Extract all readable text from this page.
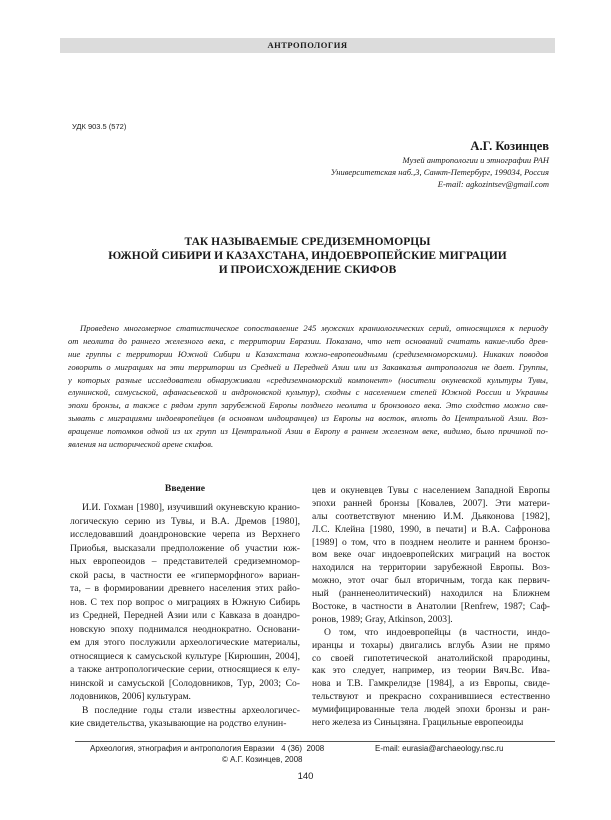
АНТРОПОЛОГИЯ
УДК 903.5 (572)
А.Г. Козинцев
Музей антропологии и этнографии РАН
Университетская наб.,3, Санкт-Петербург, 199034, Россия
E-mail: agkozintsev@gmail.com
ТАК НАЗЫВАЕМЫЕ СРЕДИЗЕМНОМОРЦЫ
ЮЖНОЙ СИБИРИ И КАЗАХСТАНА, ИНДОЕВРОПЕЙСКИЕ МИГРАЦИИ
И ПРОИСХОЖДЕНИЕ СКИФОВ
Проведено многомерное статистическое сопоставление 245 мужских краниологических серий, относящихся к периоду
от неолита до раннего железного века, с территории Евразии. Показано, что нет оснований считать какие-либо древ-
ние группы с территории Южной Сибири и Казахстана южно-европеоидными (средиземноморскими). Никаких поводов
говорить о миграциях на эти территории из Средней и Передней Азии или из Закавказья антропология не дает. Группы,
у которых разные исследователи обнаруживали «средиземноморский компонент» (носители окуневской культуры Тувы,
елунинской, самусьской, афанасьевской и андроновской культур), сходны с населением степей Южной России и Украины
эпохи бронзы, а также с рядом групп зарубежной Европы позднего неолита и бронзового века. Это сходство можно свя-
зывать с миграциями индоевропейцев (в основном индоиранцев) из Европы на восток, вплоть до Центральной Азии. Воз-
вращение потомков одной из их групп из Центральной Азии в Европу в раннем железном веке, видимо, было причиной по-
явления на исторической арене скифов.
Введение
И.И. Гохман [1980], изучивший окуневскую кранио-
логическую серию из Тувы, и В.А. Дремов [1980],
исследовавший доандроновские черепа из Верхнего
Приобья, высказали предположение об участии юж-
ных европеоидов – представителей средиземномор-
ской расы, в частности ее «гиперморфного» вариан-
та, – в формировании древнего населения этих райо-
нов. С тех пор вопрос о миграциях в Южную Сибирь
из Средней, Передней Азии или с Кавказа в доандро-
новскую эпоху поднимался неоднократно. Основани-
ем для этого послужили археологические материалы,
относящиеся к самусьской культуре [Кирюшин, 2004],
а также антропологические серии, относящиеся к елу-
нинской и самусьской [Солодовников, Тур, 2003; Со-
лодовников, 2006] культурам.
В последние годы стали известны археологичес-
кие свидетельства, указывающие на родство елунин-
цев и окуневцев Тувы с населением Западной Европы
эпохи ранней бронзы [Ковалев, 2007]. Эти матери-
алы соответствуют мнению И.М. Дьяконова [1982],
Л.С. Клейна [1980, 1990, в печати] и В.А. Сафронова
[1989] о том, что в позднем неолите и раннем бронзо-
вом веке очаг индоевропейских миграций на восток
находился на территории зарубежной Европы. Воз-
можно, этот очаг был вторичным, тогда как первич-
ный (ранненеолитический) находился на Ближнем
Востоке, в частности в Анатолии [Renfrew, 1987; Саф-
ронов, 1989; Gray, Atkinson, 2003].
О том, что индоевропейцы (в частности, индо-
иранцы и тохары) двигались вглубь Азии не прямо
со своей гипотетической анатолийской прародины,
как это следует, например, из теории Вяч.Вс. Ива-
нова и Т.В. Гамкрелидзе [1984], а из Европы, свиде-
тельствуют и прекрасно сохранившиеся естественно
мумифицированные тела людей эпохи бронзы и ран-
него железа из Синьцзяна. Грацильные европеоиды
Археология, этнография и антропология Евразии   4 (36)  2008	E-mail: eurasia@archaeology.nsc.ru
© А.Г. Козинцев, 2008
140
